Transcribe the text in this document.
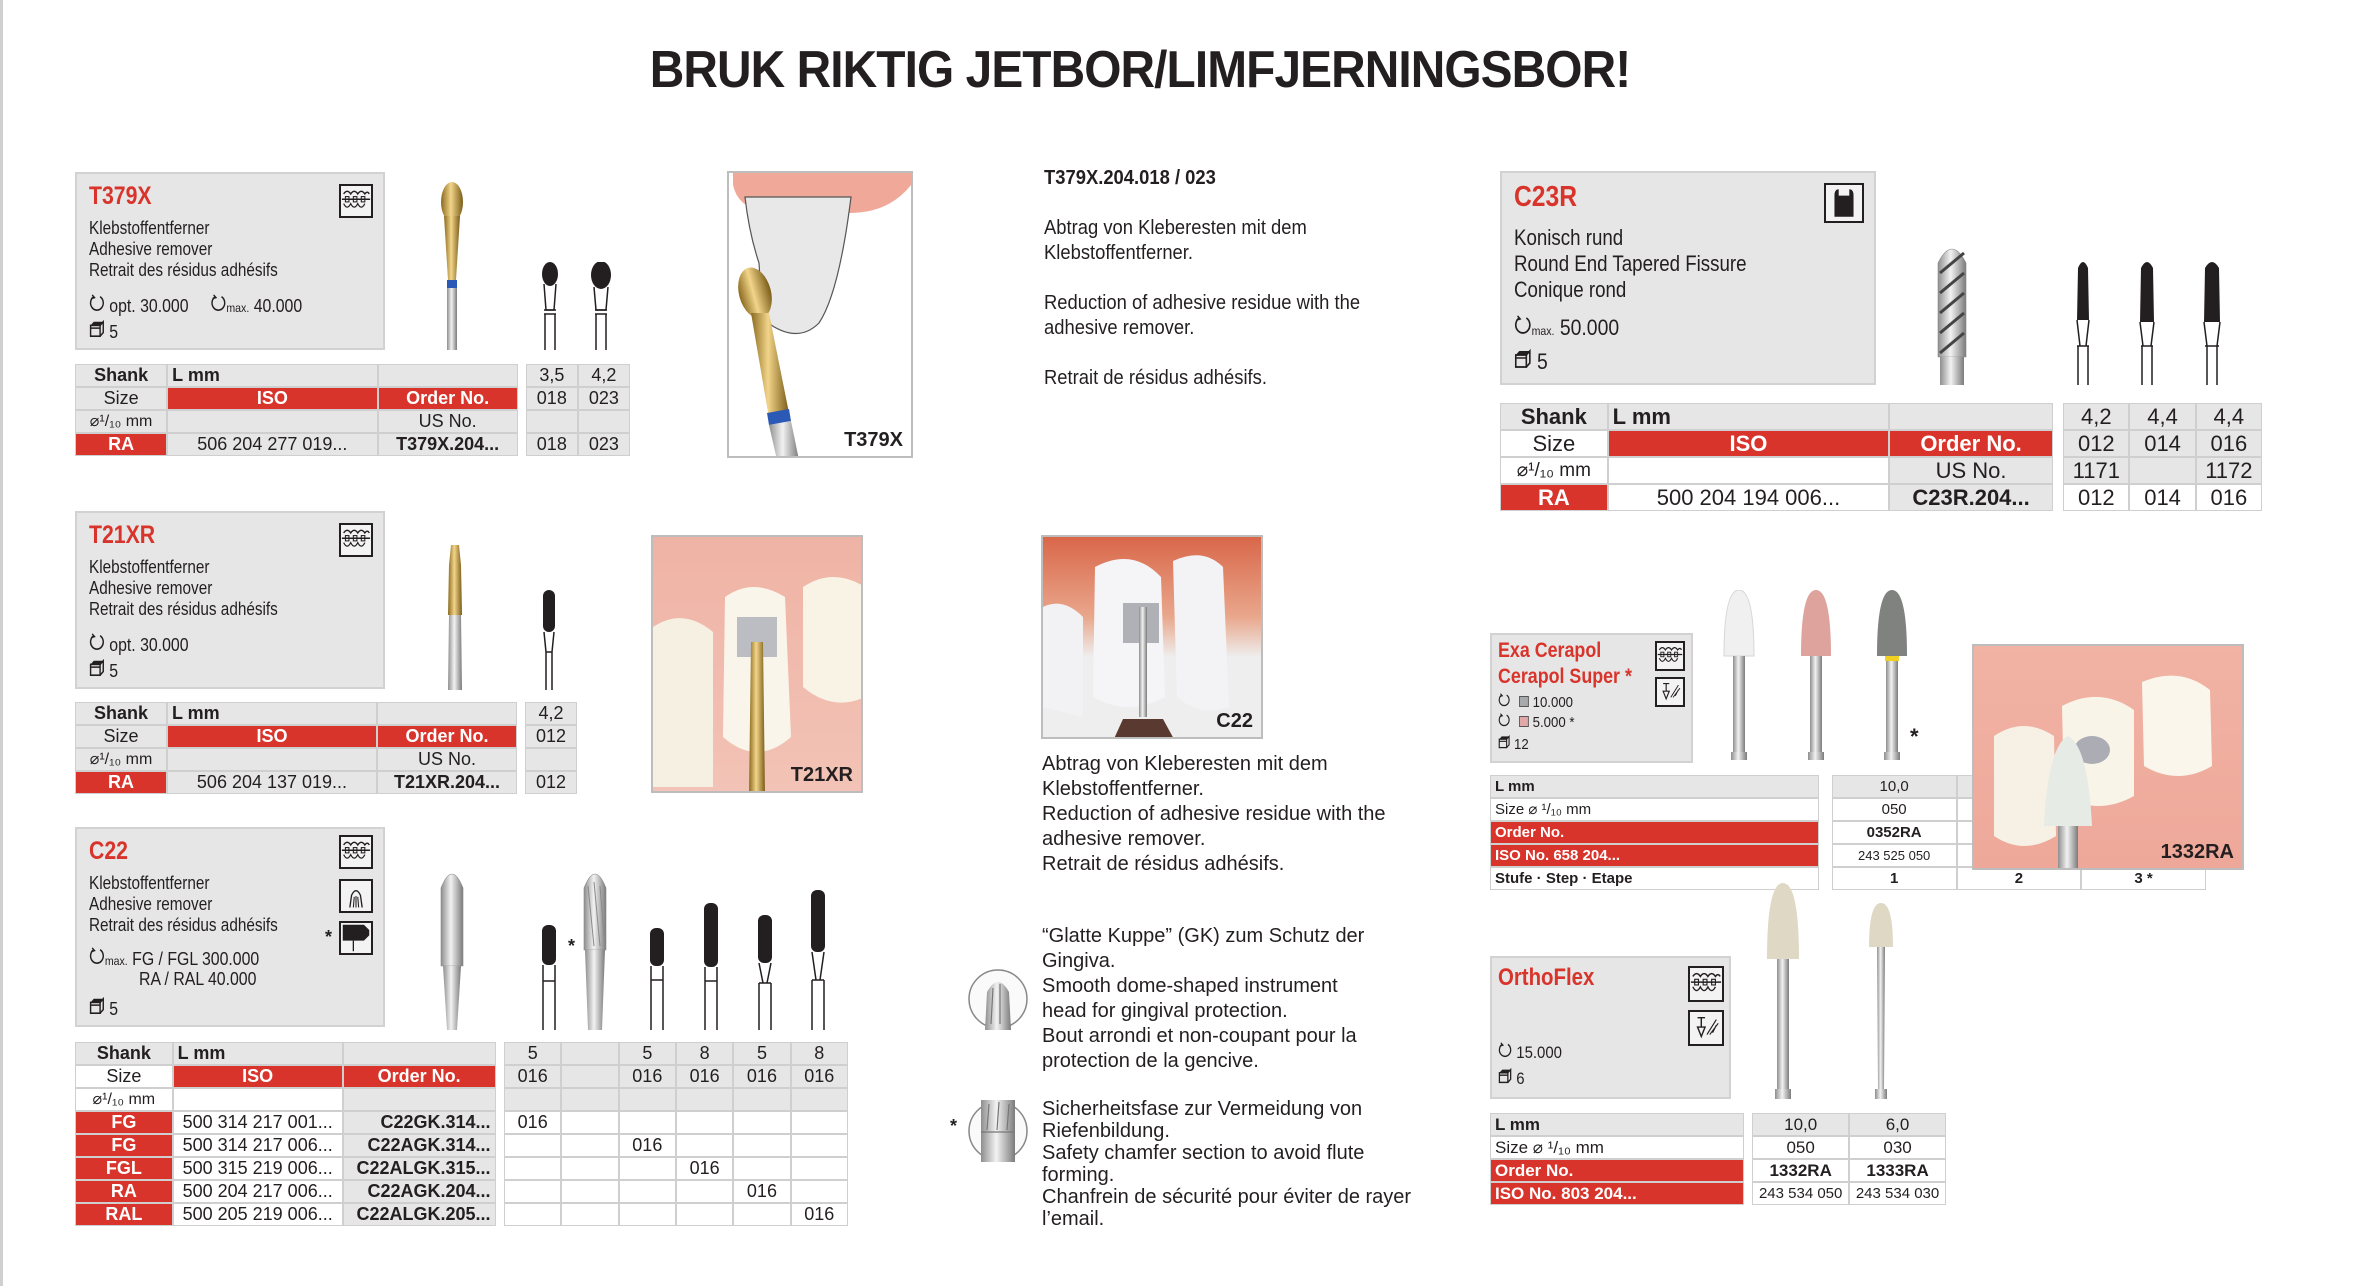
BRUK RIKTIG JETBOR/LIMFJERNINGSBOR!
T379X
Klebstoffentferner
Adhesive remover
Retrait des résidus adhésifs
opt. 30.000	max. 40.000
5
Shank	L mm			3,5	4,2
Size	ISO	Order No.		018	023
⌀¹/₁₀ mm		US No.			
RA	506 204 277 019...	T379X.204...		018	023	T379X

T379X.204.018 / 023

Abtrag von Kleberesten mit dem

Klebstoffentferner.

Reduction of adhesive residue with the

adhesive remover.

Retrait de résidus adhésifs.

T21XR
Klebstoffentferner
Adhesive remover
Retrait des résidus adhésifs
opt. 30.000
5
Shank	L mm			4,2
Size	ISO	Order No.		012
⌀¹/₁₀ mm		US No.		
RA	506 204 137 019...	T21XR.204...		012	T21XR
C22
C22
*
Klebstoffentferner
Adhesive remover
Retrait des résidus adhésifs
max. FG / FGL 300.000
RA / RAL 40.000
5
*
Shank	L mm			5		5	8	5	8
Size	ISO	Order No.		016		016	016	016	016
⌀¹/₁₀ mm									
FG	500 314 217 001...	C22GK.314...		016					
FG	500 314 217 006...	C22AGK.314...				016			
FGL	500 315 219 006...	C22ALGK.315...					016		
RA	500 204 217 006...	C22AGK.204...						016	
RAL	500 205 219 006...	C22ALGK.205...							016

Abtrag von Kleberesten mit dem

Klebstoffentferner.

Reduction of adhesive residue with the

adhesive remover.

Retrait de résidus adhésifs.

“Glatte Kuppe” (GK) zum Schutz der

Gingiva.

Smooth dome-shaped instrument

head for gingival protection.

Bout arrondi et non-coupant pour la

protection de la gencive.

*

Sicherheitsfase zur Vermeidung von

Riefenbildung.

Safety chamfer section to avoid flute

forming.

Chanfrein de sécurité pour éviter de rayer

l’email.

C23R
Konisch rund
Round End Tapered Fissure
Conique rond
max. 50.000
5
Shank	L mm			4,2	4,4	4,4
Size	ISO	Order No.		012	014	016
⌀¹/₁₀ mm		US No.		1171		1172
RA	500 204 194 006...	C23R.204...		012	014	016
Exa Cerapol
Cerapol Super *
10.000
5.000 *
12	*
L mm		10,0		
Size ⌀ ¹/₁₀ mm		050		
Order No.		0352RA		
ISO No. 658 204...		243 525 050		
Stufe · Step · Etape		1	2	3 *
1332RA
OrthoFlex
15.000
6
L mm		10,0	6,0
Size ⌀ ¹/₁₀ mm		050	030
Order No.		1332RA	1333RA
ISO No. 803 204...		243 534 050	243 534 030
